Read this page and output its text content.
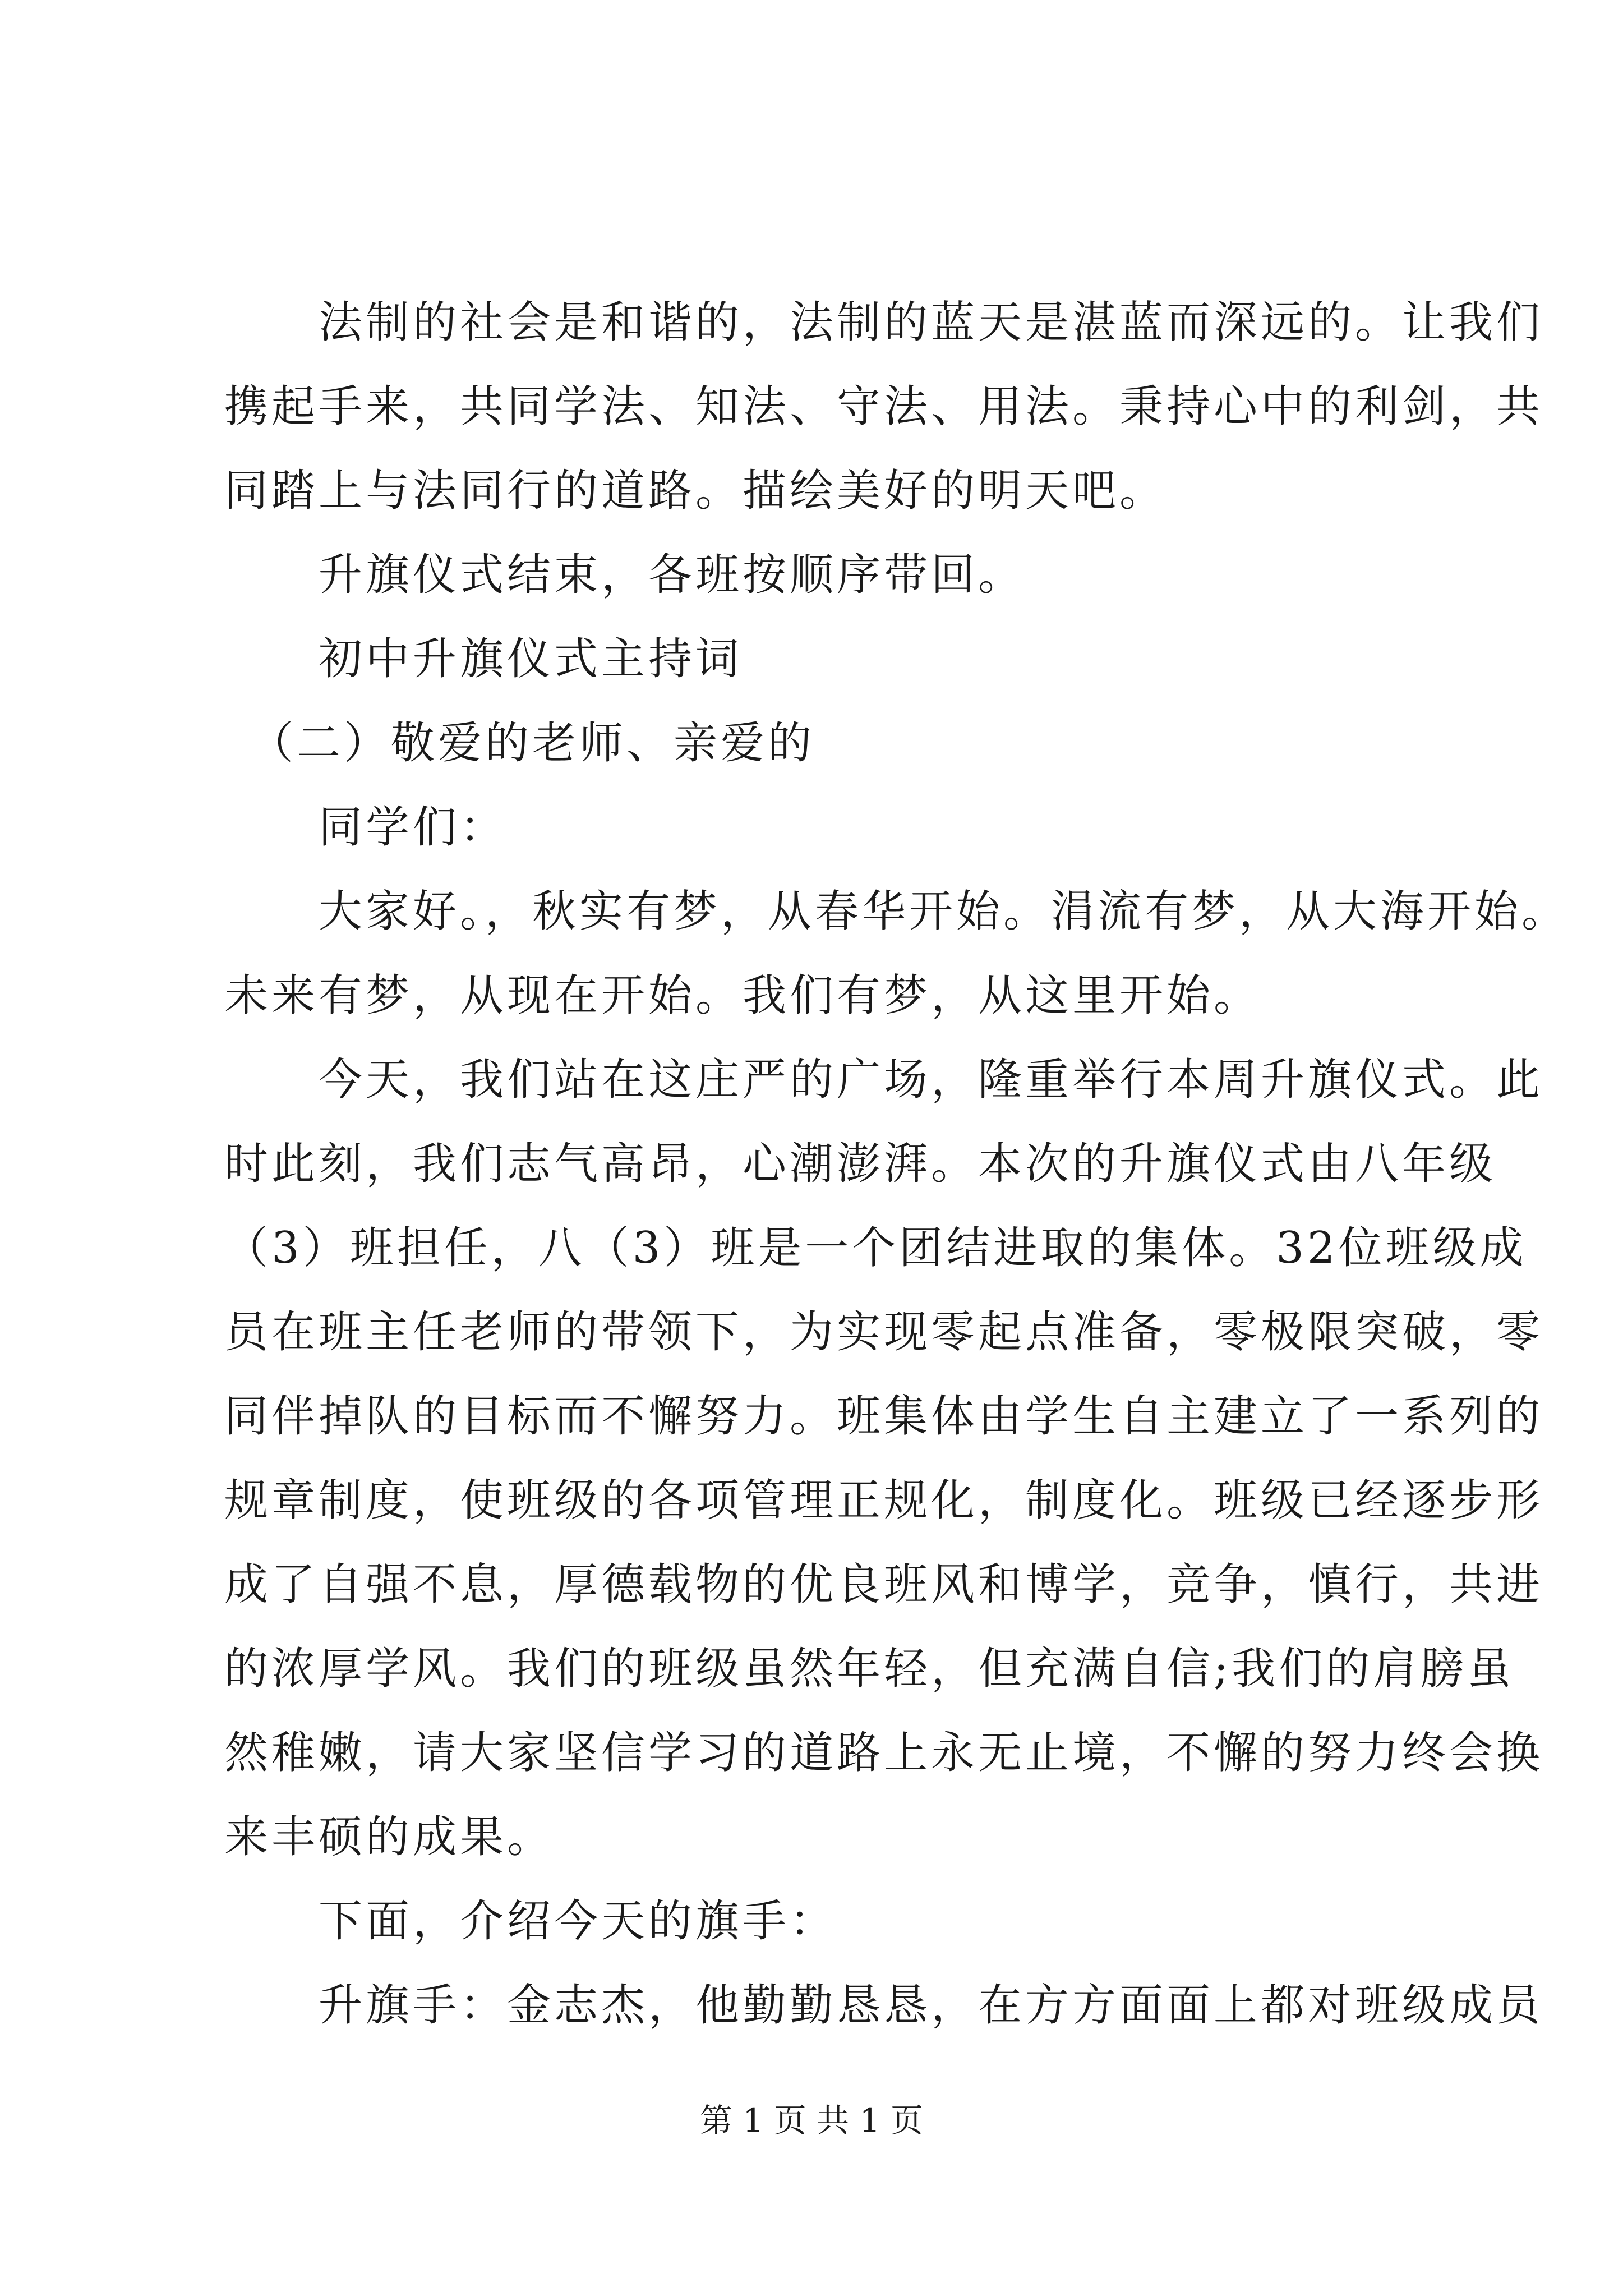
　　法制的社会是和谐的，法制的蓝天是湛蓝而深远的。让我们
携起手来，共同学法、知法、守法、用法。秉持心中的利剑，共
同踏上与法同行的道路。描绘美好的明天吧。
　　升旗仪式结束，各班按顺序带回。
　　初中升旗仪式主持词
　（二）敬爱的老师、亲爱的
　　同学们：
　　大家好。，秋实有梦，从春华开始。涓流有梦，从大海开始。
未来有梦，从现在开始。我们有梦，从这里开始。
　　今天，我们站在这庄严的广场，隆重举行本周升旗仪式。此
时此刻，我们志气高昂，心潮澎湃。本次的升旗仪式由八年级
（3）班担任，八（3）班是一个团结进取的集体。32位班级成
员在班主任老师的带领下，为实现零起点准备，零极限突破，零
同伴掉队的目标而不懈努力。班集体由学生自主建立了一系列的
规章制度，使班级的各项管理正规化，制度化。班级已经逐步形
成了自强不息，厚德载物的优良班风和博学，竞争，慎行，共进
的浓厚学风。我们的班级虽然年轻，但充满自信;我们的肩膀虽
然稚嫩，请大家坚信学习的道路上永无止境，不懈的努力终会换
来丰硕的成果。
　　下面，介绍今天的旗手：
　　升旗手：金志杰，他勤勤恳恳，在方方面面上都对班级成员
第 1 页 共 1 页
